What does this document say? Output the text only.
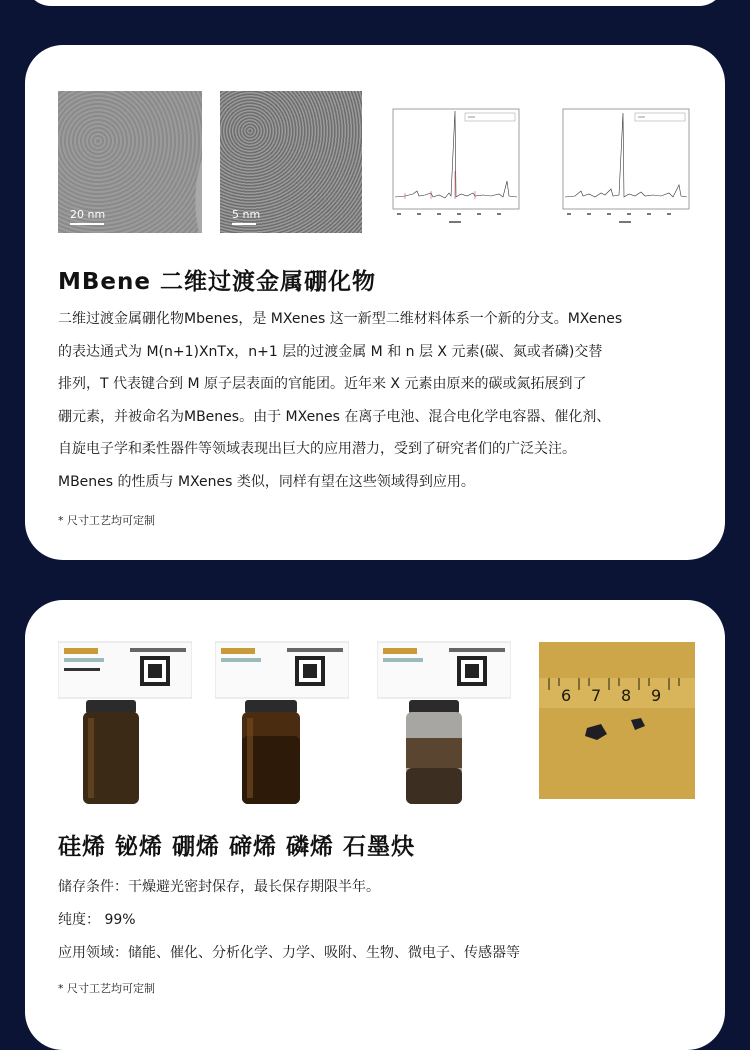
20 nm	5 nm
MBene 二维过渡金属硼化物
二维过渡金属硼化物Mbenes，是 MXenes 这一新型二维材料体系一个新的分支。MXenes
的表达通式为 M(n+1)XnTx，n+1 层的过渡金属 M 和 n 层 X 元素(碳、氮或者磷)交替
排列，T 代表键合到 M 原子层表面的官能团。近年来 X 元素由原来的碳或氮拓展到了
硼元素，并被命名为MBenes。由于 MXenes 在离子电池、混合电化学电容器、催化剂、
自旋电子学和柔性器件等领域表现出巨大的应用潜力，受到了研究者们的广泛关注。
MBenes 的性质与 MXenes 类似，同样有望在这些领域得到应用。
* 尺寸工艺均可定制
6 7 8 9
硅烯 铋烯 硼烯 碲烯 磷烯 石墨炔
储存条件：干燥避光密封保存，最长保存期限半年。
纯度： 99%
应用领域：储能、催化、分析化学、力学、吸附、生物、微电子、传感器等
* 尺寸工艺均可定制
